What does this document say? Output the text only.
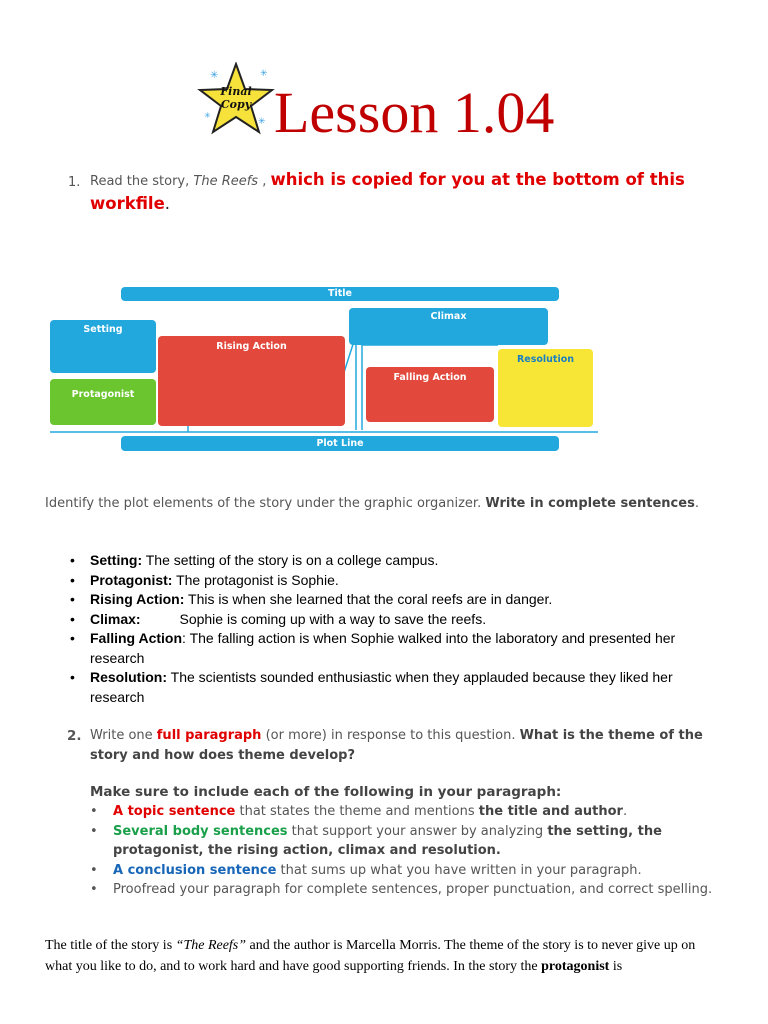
Final
Copy
✳	✳
✳
✳ Lesson 1.04
1. Read the story, The Reefs , which is copied for you at the bottom of this workfile.
Title
Setting
Protagonist
Rising Action
Climax
Falling Action
Resolution
Plot Line
Identify the plot elements of the story under the graphic organizer. Write in complete sentences.
• Setting: The setting of the story is on a college campus.
• Protagonist: The protagonist is Sophie.
• Rising Action: This is when she learned that the coral reefs are in danger.
• Climax:          Sophie is coming up with a way to save the reefs.
• Falling Action: The falling action is when Sophie walked into the laboratory and presented her research
• Resolution: The scientists sounded enthusiastic when they applauded because they liked her research
2. Write one full paragraph (or more) in response to this question. What is the theme of the story and how does theme develop?
Make sure to include each of the following in your paragraph:
• A topic sentence that states the theme and mentions the title and author.
• Several body sentences that support your answer by analyzing the setting, the protagonist, the rising action, climax and resolution.
• A conclusion sentence that sums up what you have written in your paragraph.
• Proofread your paragraph for complete sentences, proper punctuation, and correct spelling.
The title of the story is “The Reefs” and the author is Marcella Morris. The theme of the story is to never give up on what you like to do, and to work hard and have good supporting friends. In the story the protagonist is
